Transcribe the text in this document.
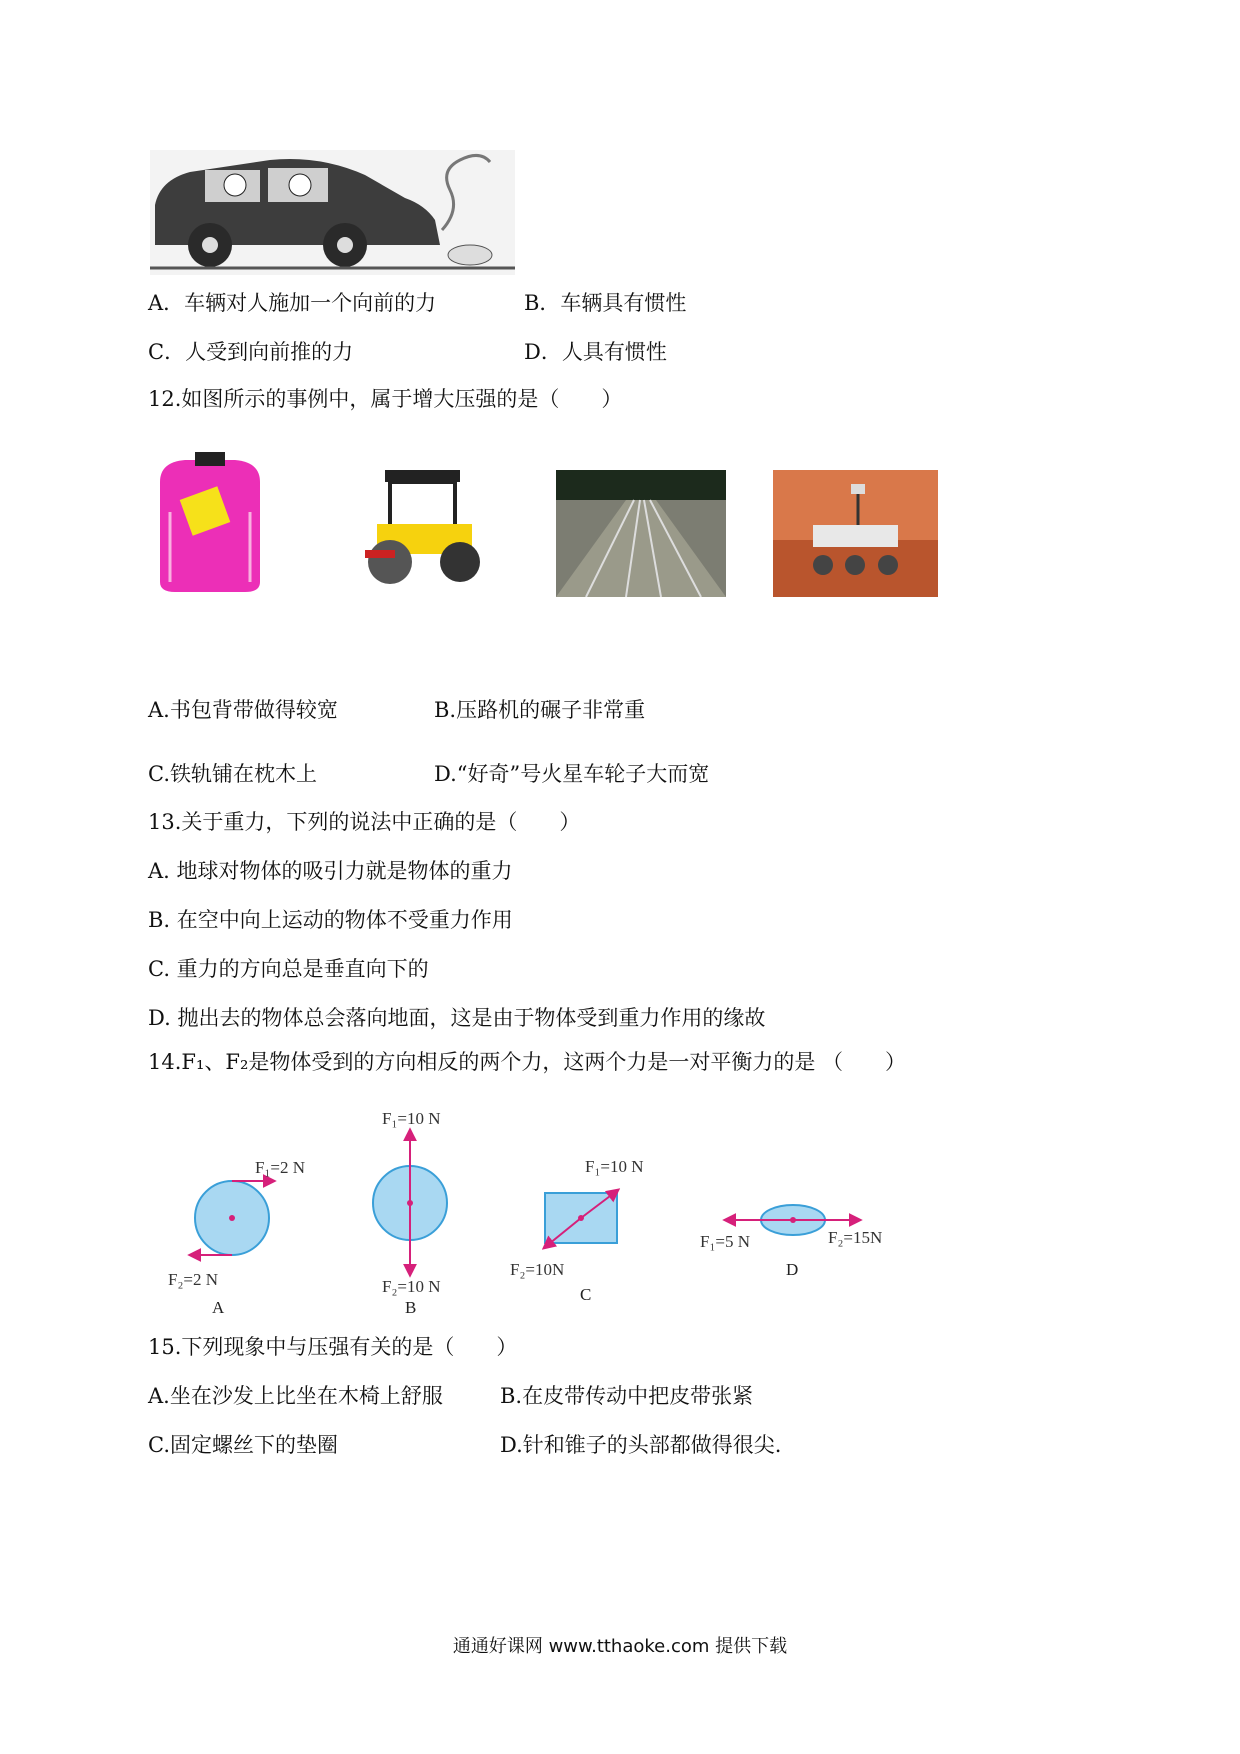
A．车辆对人施加一个向前的力	B．车辆具有惯性
C．人受到向前推的力	D．人具有惯性
12.如图所示的事例中，属于增大压强的是（　　）
A.书包背带做得较宽	B.压路机的碾子非常重
C.铁轨铺在枕木上	D.“好奇”号火星车轮子大而宽
13.关于重力，下列的说法中正确的是（　　）
A. 地球对物体的吸引力就是物体的重力
B. 在空中向上运动的物体不受重力作用
C. 重力的方向总是垂直向下的
D. 抛出去的物体总会落向地面，这是由于物体受到重力作用的缘故
14.F₁、F₂是物体受到的方向相反的两个力，这两个力是一对平衡力的是 （　　）
F₁=2 N
F₂=2 N
A
F₁=10 N
F₂=10 N
B
F₁=10 N
F₂=10N
C
F₁=5 N	F₂=15N
D
15.下列现象中与压强有关的是（　　）
A.坐在沙发上比坐在木椅上舒服	B.在皮带传动中把皮带张紧
C.固定螺丝下的垫圈	D.针和锥子的头部都做得很尖.
通通好课网 www.tthaoke.com 提供下载
